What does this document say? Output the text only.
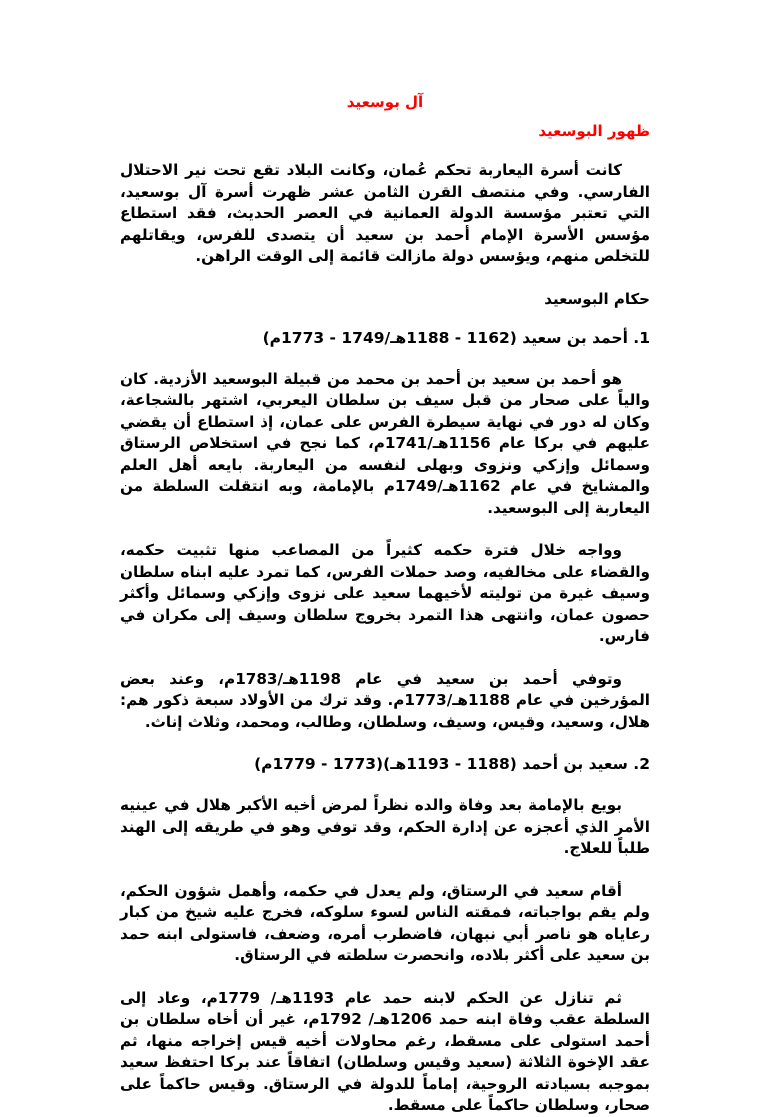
آل بوسعيد
ظهور البوسعيد

كانت أسرة اليعاربة تحكم عُمان، وكانت البلاد تقع تحت نير الاحتلال الفارسي. وفي منتصف القرن الثامن عشر ظهرت أسرة آل بوسعيد، التي تعتبر مؤسسة الدولة العمانية في العصر الحديث، فقد استطاع مؤسس الأسرة الإمام أحمد بن سعيد أن يتصدى للفرس، ويقاتلهم للتخلص منهم، ويؤسس دولة مازالت قائمة إلى الوقت الراهن.

حكام البوسعيد
1. أحمد بن سعيد (1162 - 1188هـ/1749 - 1773م)

هو أحمد بن سعيد بن أحمد بن محمد من قبيلة البوسعيد الأزدية. كان والياً على صحار من قبل سيف بن سلطان اليعربي، اشتهر بالشجاعة، وكان له دور في نهاية سيطرة الفرس على عمان، إذ استطاع أن يقضي عليهم في بركا عام 1156هـ/1741م، كما نجح في استخلاص الرستاق وسمائل وإزكي ونزوى وبهلى لنفسه من اليعاربة. بايعه أهل العلم والمشايخ في عام 1162هـ/1749م بالإمامة، وبه انتقلت السلطة من اليعاربة إلى البوسعيد.

وواجه خلال فترة حكمه كثيراً من المصاعب منها تثبيت حكمه، والقضاء على مخالفيه، وصد حملات الفرس، كما تمرد عليه ابناه سلطان وسيف غيرة من توليته لأخيهما سعيد على نزوى وإزكي وسمائل وأكثر حصون عمان، وانتهى هذا التمرد بخروج سلطان وسيف إلى مكران في فارس.

وتوفي أحمد بن سعيد في عام 1198هـ/1783م، وعند بعض المؤرخين في عام 1188هـ/1773م. وقد ترك من الأولاد سبعة ذكور هم: هلال، وسعيد، وقيس، وسيف، وسلطان، وطالب، ومحمد، وثلاث إناث.

2. سعيد بن أحمد (1188 - 1193هـ)(1773 - 1779م)

بويع بالإمامة بعد وفاة والده نظراً لمرض أخيه الأكبر هلال في عينيه الأمر الذي أعجزه عن إدارة الحكم، وقد توفي وهو في طريقه إلى الهند طلباً للعلاج.

أقام سعيد في الرستاق، ولم يعدل في حكمه، وأهمل شؤون الحكم، ولم يقم بواجباته، فمقته الناس لسوء سلوكه، فخرج عليه شيخ من كبار رعاياه هو ناصر أبي نبهان، فاضطرب أمره، وضعف، فاستولى ابنه حمد بن سعيد على أكثر بلاده، وانحصرت سلطته في الرستاق.

ثم تنازل عن الحكم لابنه حمد عام 1193هـ/ 1779م، وعاد إلى السلطة عقب وفاة ابنه حمد 1206هـ/ 1792م، غير أن أخاه سلطان بن أحمد استولى على مسقط، رغم محاولات أخيه قيس إخراجه منها، ثم عقد الإخوة الثلاثة (سعيد وقيس وسلطان) اتفاقاً عند بركا احتفظ سعيد بموجبه بسيادته الروحية، إماماً للدولة في الرستاق. وقيس حاكماً على صحار، وسلطان حاكماً على مسقط.
